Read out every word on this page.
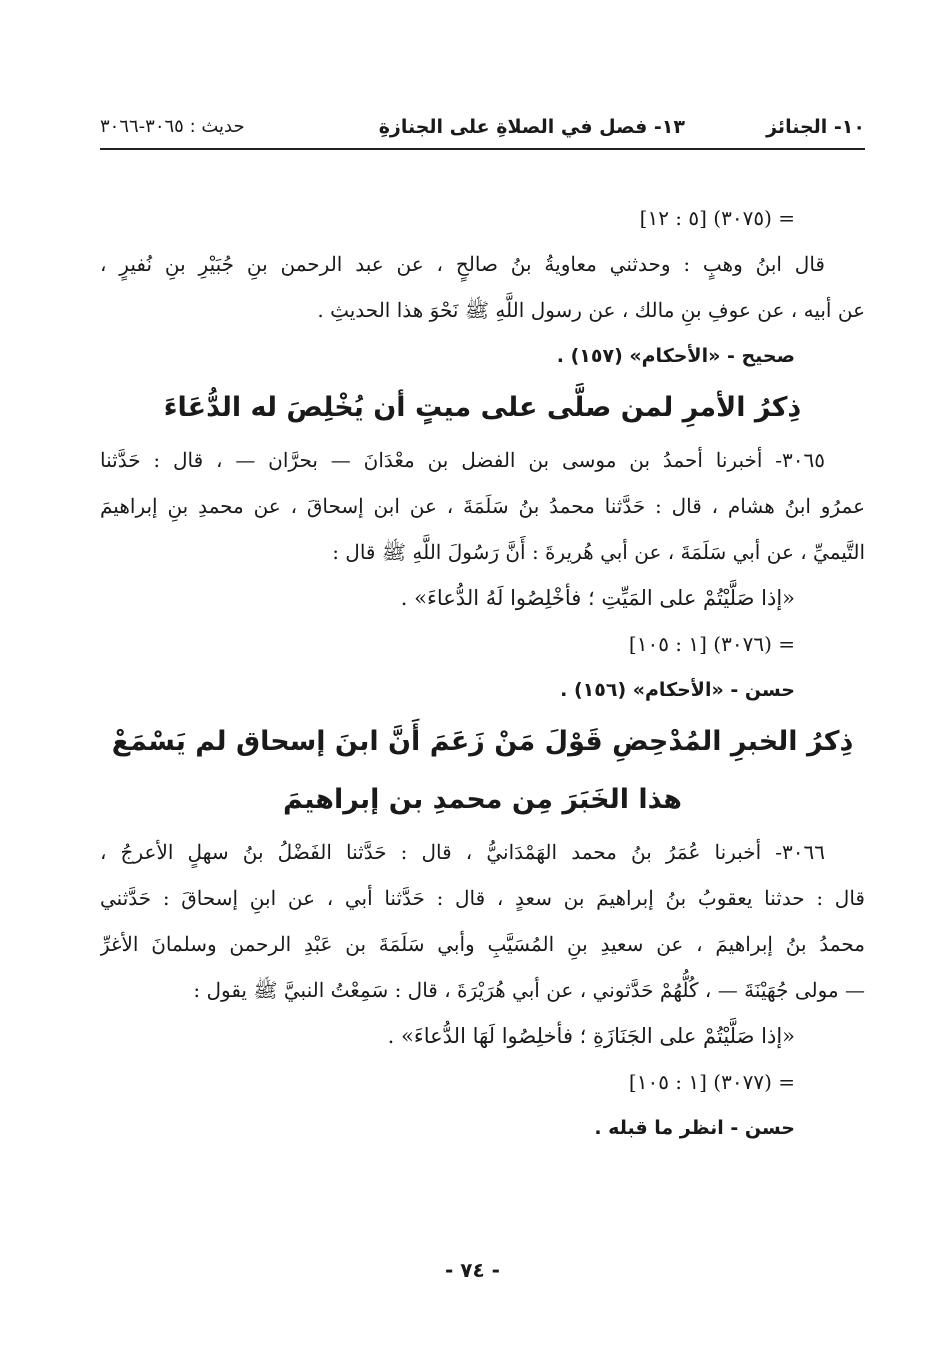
١٠- الجنائز
١٣- فصل في الصلاةِ على الجنازةِ
حديث : ٣٠٦٥-٣٠٦٦
= (٣٠٧٥) [٥ : ١٢]
قال ابنُ وهبٍ : وحدثني معاويةُ بنُ صالحٍ ، عن عبد الرحمن بنِ جُبَيْرِ بنِ نُفيرٍ ،
عن أبيه ، عن عوفِ بنِ مالك ، عن رسول اللَّهِ ﷺ نَحْوَ هذا الحديثِ .
صحيح - «الأحكام» (١٥٧) .
ذِكرُ الأمرِ لمن صلَّى على ميتٍ أن يُخْلِصَ له الدُّعَاءَ
٣٠٦٥- أخبرنا أحمدُ بن موسى بن الفضل بن معْدَانَ — بحرَّان — ، قال : حَدَّثنا
عمرُو ابنُ هشام ، قال : حَدَّثنا محمدُ بنُ سَلَمَةَ ، عن ابن إسحاقَ ، عن محمدِ بنِ إبراهيمَ
التَّيميِّ ، عن أبي سَلَمَةَ ، عن أبي هُريرةَ : أَنَّ رَسُولَ اللَّهِ ﷺ قال :
«إذا صَلَّيْتُمْ على المَيِّتِ ؛ فأخْلِصُوا لَهُ الدُّعاءَ» .
= (٣٠٧٦) [١ : ١٠٥]
حسن - «الأحكام» (١٥٦) .
ذِكرُ الخبرِ المُدْحِضِ قَوْلَ مَنْ زَعَمَ أَنَّ ابنَ إسحاق لم يَسْمَعْ
هذا الخَبَرَ مِن محمدِ بن إبراهيمَ
٣٠٦٦- أخبرنا عُمَرُ بنُ محمد الهَمْدَانيُّ ، قال : حَدَّثنا الفَضْلُ بنُ سهلٍ الأعرجُ ،
قال : حدثنا يعقوبُ بنُ إبراهيمَ بن سعدٍ ، قال : حَدَّثنا أبي ، عن ابنِ إسحاقَ : حَدَّثني
محمدُ بنُ إبراهيمَ ، عن سعيدِ بنِ المُسَيَّبِ وأبي سَلَمَةَ بن عَبْدِ الرحمن وسلمانَ الأغرِّ
— مولى جُهَيْنَةَ — ، كُلُّهُمْ حَدَّثوني ، عن أبي هُرَيْرَةَ ، قال : سَمِعْتُ النبيَّ ﷺ يقول :
«إذا صَلَّيْتُمْ على الجَنَازَةِ ؛ فأخلِصُوا لَهَا الدُّعاءَ» .
= (٣٠٧٧) [١ : ١٠٥]
حسن - انظر ما قبله .
- ٧٤ -
